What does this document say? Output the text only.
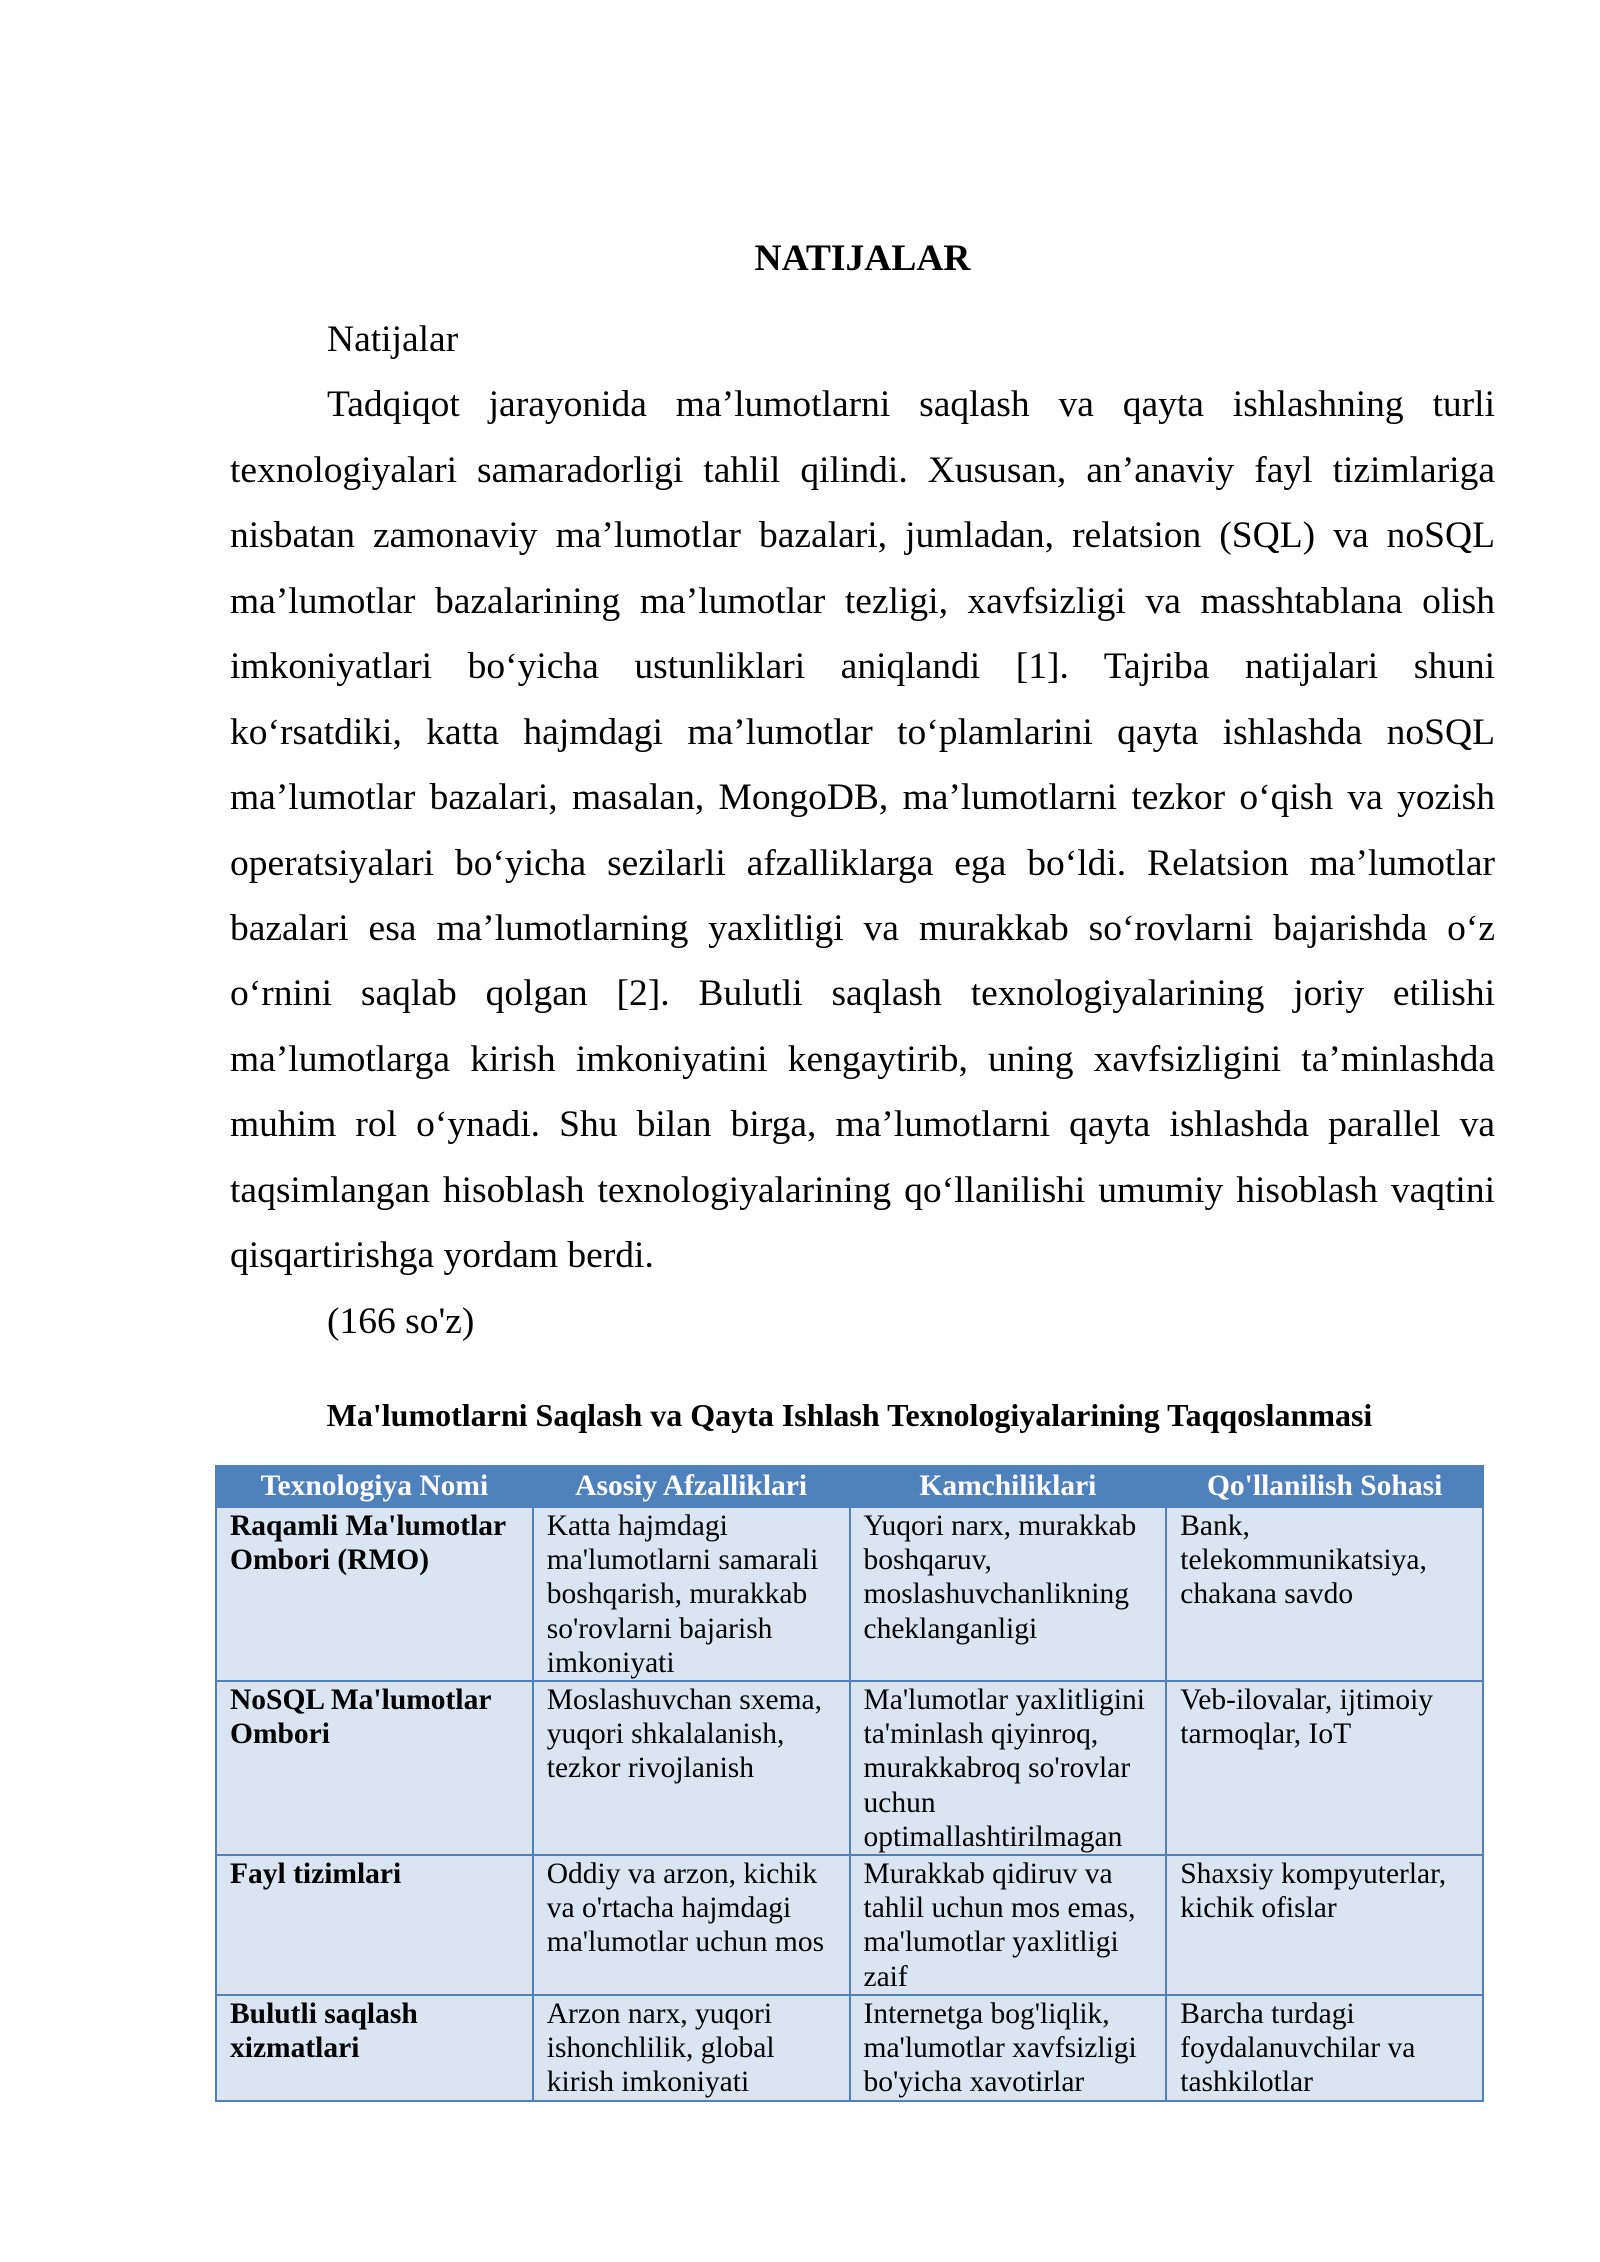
NATIJALAR
Natijalar
Tadqiqot jarayonida ma’lumotlarni saqlash va qayta ishlashning turli
texnologiyalari samaradorligi tahlil qilindi. Xususan, an’anaviy fayl tizimlariga
nisbatan zamonaviy ma’lumotlar bazalari, jumladan, relatsion (SQL) va noSQL
ma’lumotlar bazalarining ma’lumotlar tezligi, xavfsizligi va masshtablana olish
imkoniyatlari bo‘yicha ustunliklari aniqlandi [1]. Tajriba natijalari shuni
ko‘rsatdiki, katta hajmdagi ma’lumotlar to‘plamlarini qayta ishlashda noSQL
ma’lumotlar bazalari, masalan, MongoDB, ma’lumotlarni tezkor o‘qish va yozish
operatsiyalari bo‘yicha sezilarli afzalliklarga ega bo‘ldi. Relatsion ma’lumotlar
bazalari esa ma’lumotlarning yaxlitligi va murakkab so‘rovlarni bajarishda o‘z
o‘rnini saqlab qolgan [2]. Bulutli saqlash texnologiyalarining joriy etilishi
ma’lumotlarga kirish imkoniyatini kengaytirib, uning xavfsizligini ta’minlashda
muhim rol o‘ynadi. Shu bilan birga, ma’lumotlarni qayta ishlashda parallel va
taqsimlangan hisoblash texnologiyalarining qo‘llanilishi umumiy hisoblash vaqtini
qisqartirishga yordam berdi.
(166 so'z)
Ma'lumotlarni Saqlash va Qayta Ishlash Texnologiyalarining Taqqoslanmasi
Texnologiya Nomi	Asosiy Afzalliklari	Kamchiliklari	Qo'llanilish Sohasi
Raqamli Ma'lumotlar Ombori (RMO)	Katta hajmdagi ma'lumotlarni samarali boshqarish, murakkab so'rovlarni bajarish imkoniyati	Yuqori narx, murakkab boshqaruv, moslashuvchanlikning cheklanganligi	Bank, telekommunikatsiya, chakana savdo
NoSQL Ma'lumotlar Ombori	Moslashuvchan sxema, yuqori shkalalanish, tezkor rivojlanish	Ma'lumotlar yaxlitligini ta'minlash qiyinroq, murakkabroq so'rovlar uchun optimallashtirilmagan	Veb-ilovalar, ijtimoiy tarmoqlar, IoT
Fayl tizimlari	Oddiy va arzon, kichik va o'rtacha hajmdagi ma'lumotlar uchun mos	Murakkab qidiruv va tahlil uchun mos emas, ma'lumotlar yaxlitligi zaif	Shaxsiy kompyuterlar, kichik ofislar
Bulutli saqlash xizmatlari	Arzon narx, yuqori ishonchlilik, global kirish imkoniyati	Internetga bog'liqlik, ma'lumotlar xavfsizligi bo'yicha xavotirlar	Barcha turdagi foydalanuvchilar va tashkilotlar
